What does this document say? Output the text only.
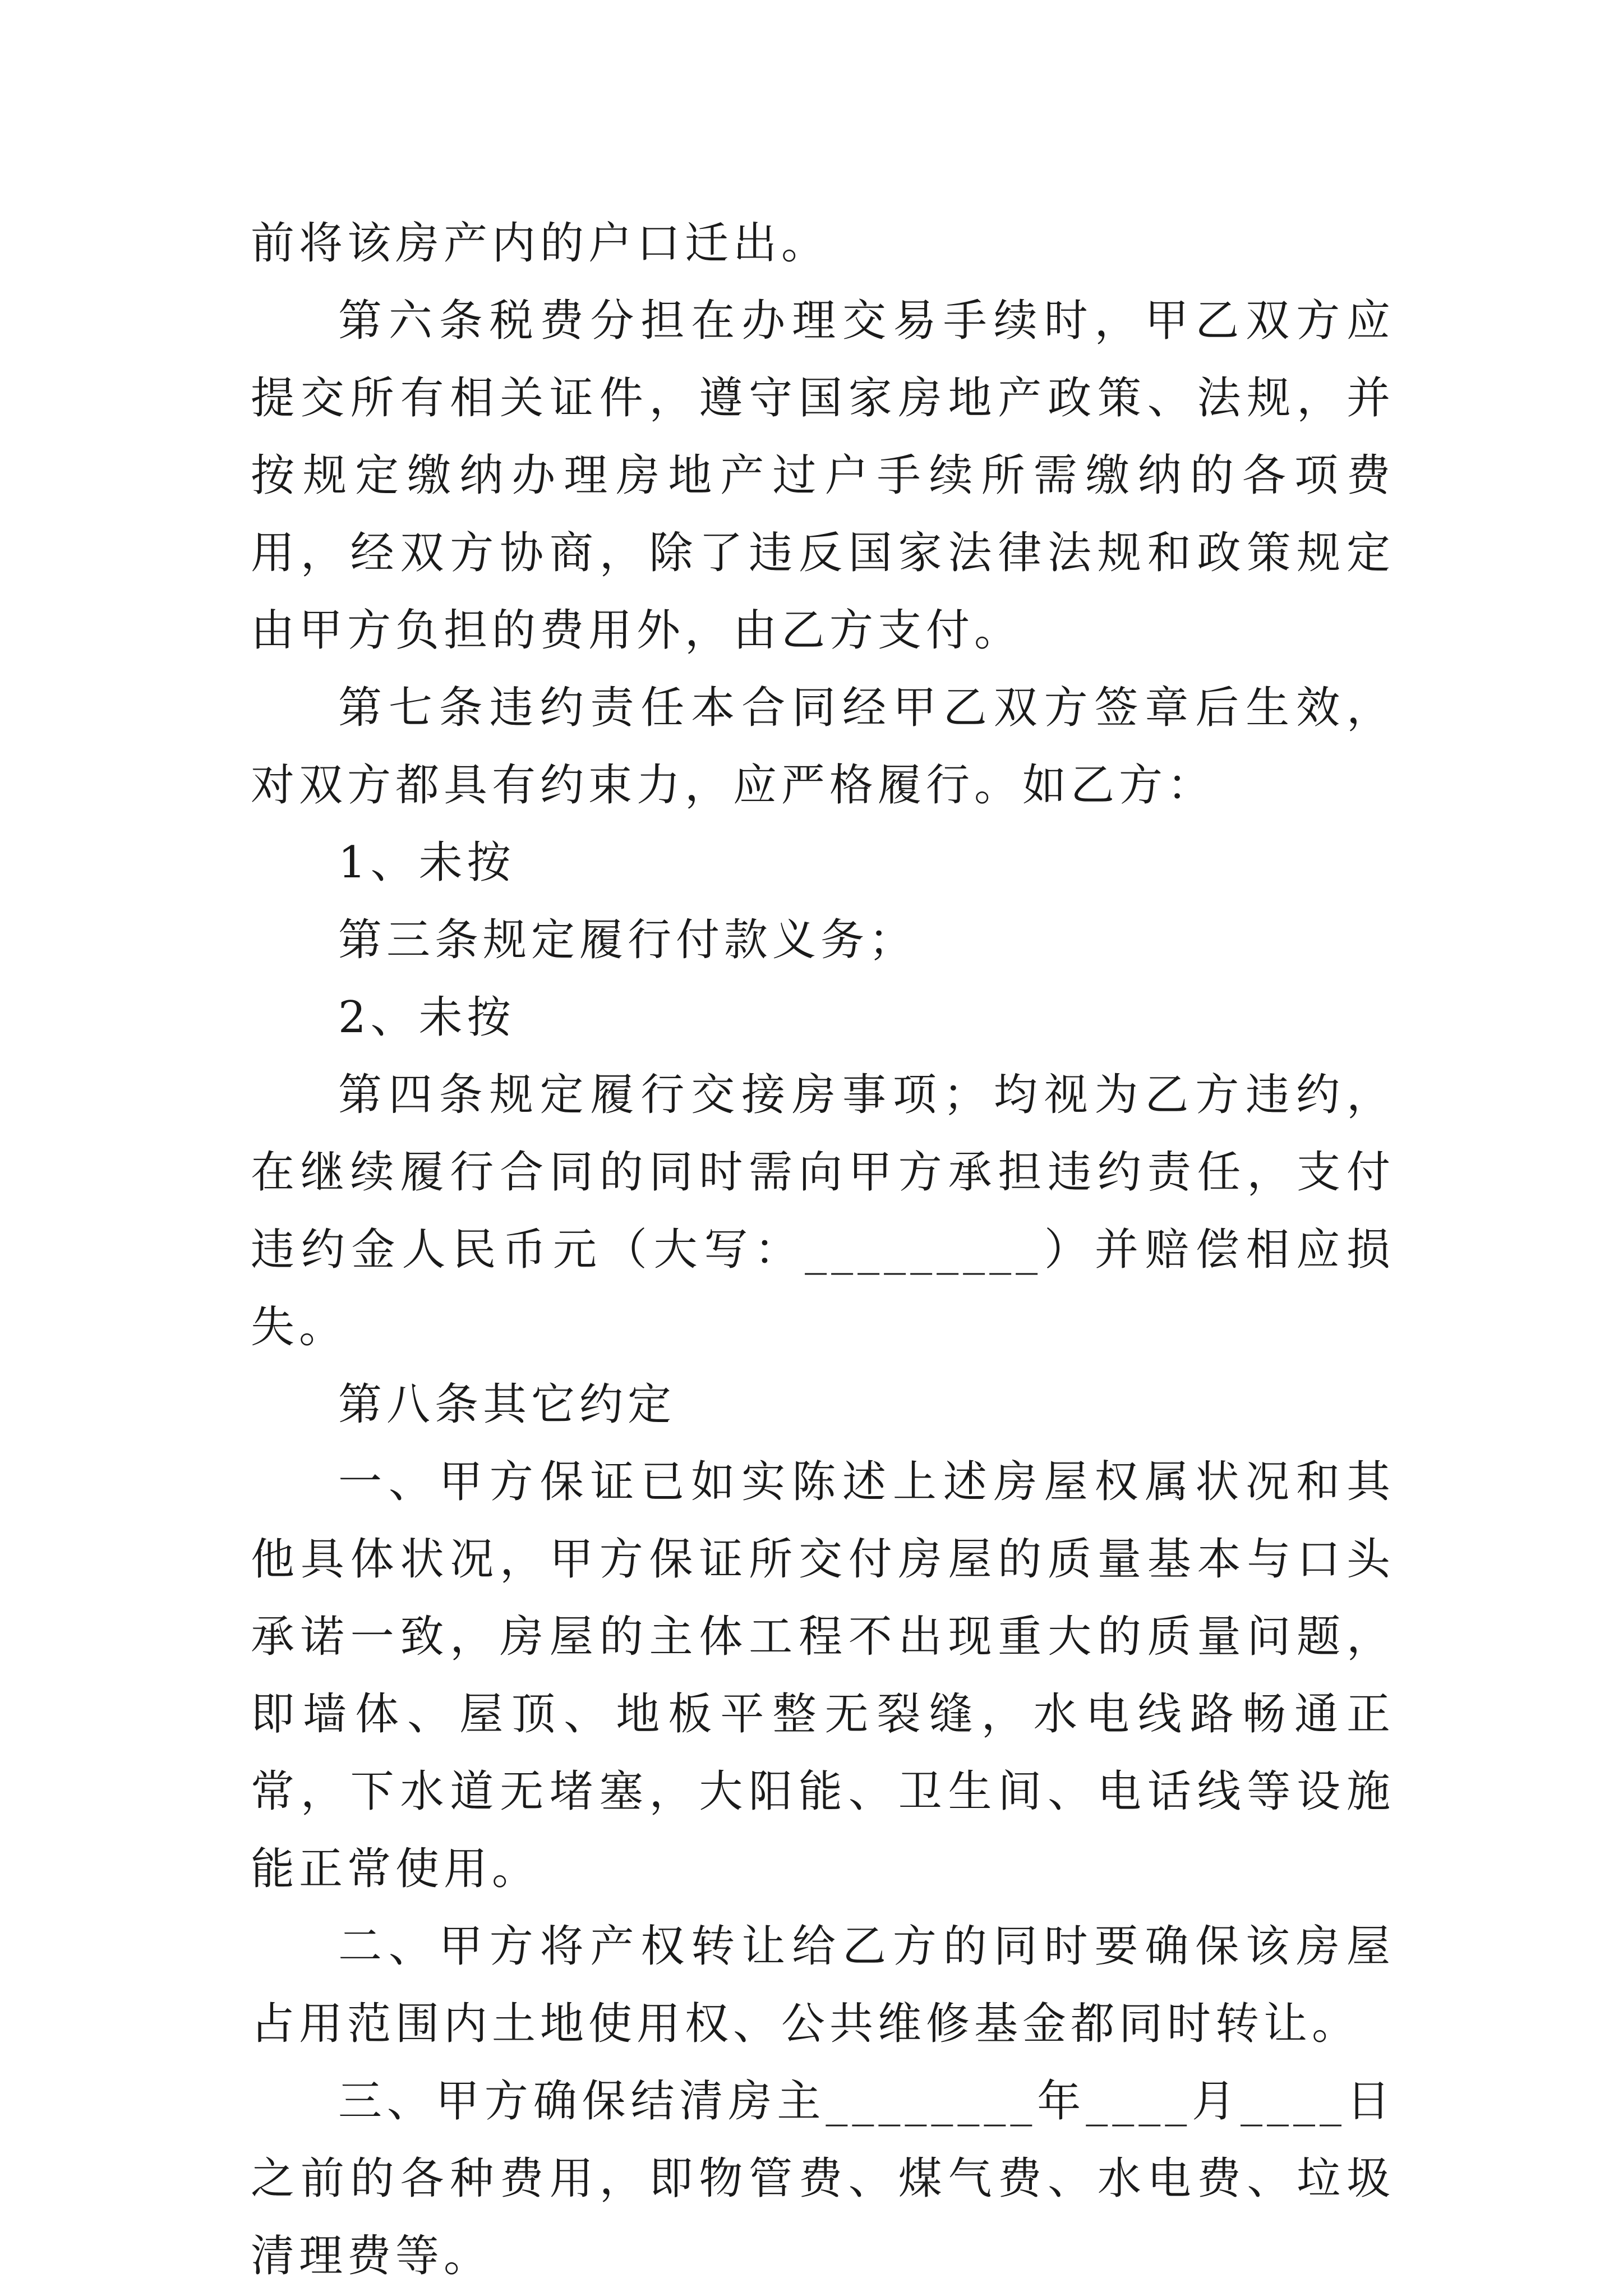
前将该房产内的户口迁出。

第六条税费分担在办理交易手续时，甲乙双方应提交所有相关证件，遵守国家房地产政策、法规，并按规定缴纳办理房地产过户手续所需缴纳的各项费用，经双方协商，除了违反国家法律法规和政策规定由甲方负担的费用外，由乙方支付。

第七条违约责任本合同经甲乙双方签章后生效，对双方都具有约束力，应严格履行。如乙方：

1、未按

第三条规定履行付款义务；

2、未按

第四条规定履行交接房事项；均视为乙方违约，在继续履行合同的同时需向甲方承担违约责任，支付违约金人民币元（大写：_________）并赔偿相应损失。

第八条其它约定

一、甲方保证已如实陈述上述房屋权属状况和其他具体状况，甲方保证所交付房屋的质量基本与口头承诺一致，房屋的主体工程不出现重大的质量问题，即墙体、屋顶、地板平整无裂缝，水电线路畅通正常，下水道无堵塞，大阳能、卫生间、电话线等设施能正常使用。

二、甲方将产权转让给乙方的同时要确保该房屋占用范围内土地使用权、公共维修基金都同时转让。

三、甲方确保结清房主________年____月____日之前的各种费用，即物管费、煤气费、水电费、垃圾清理费等。
